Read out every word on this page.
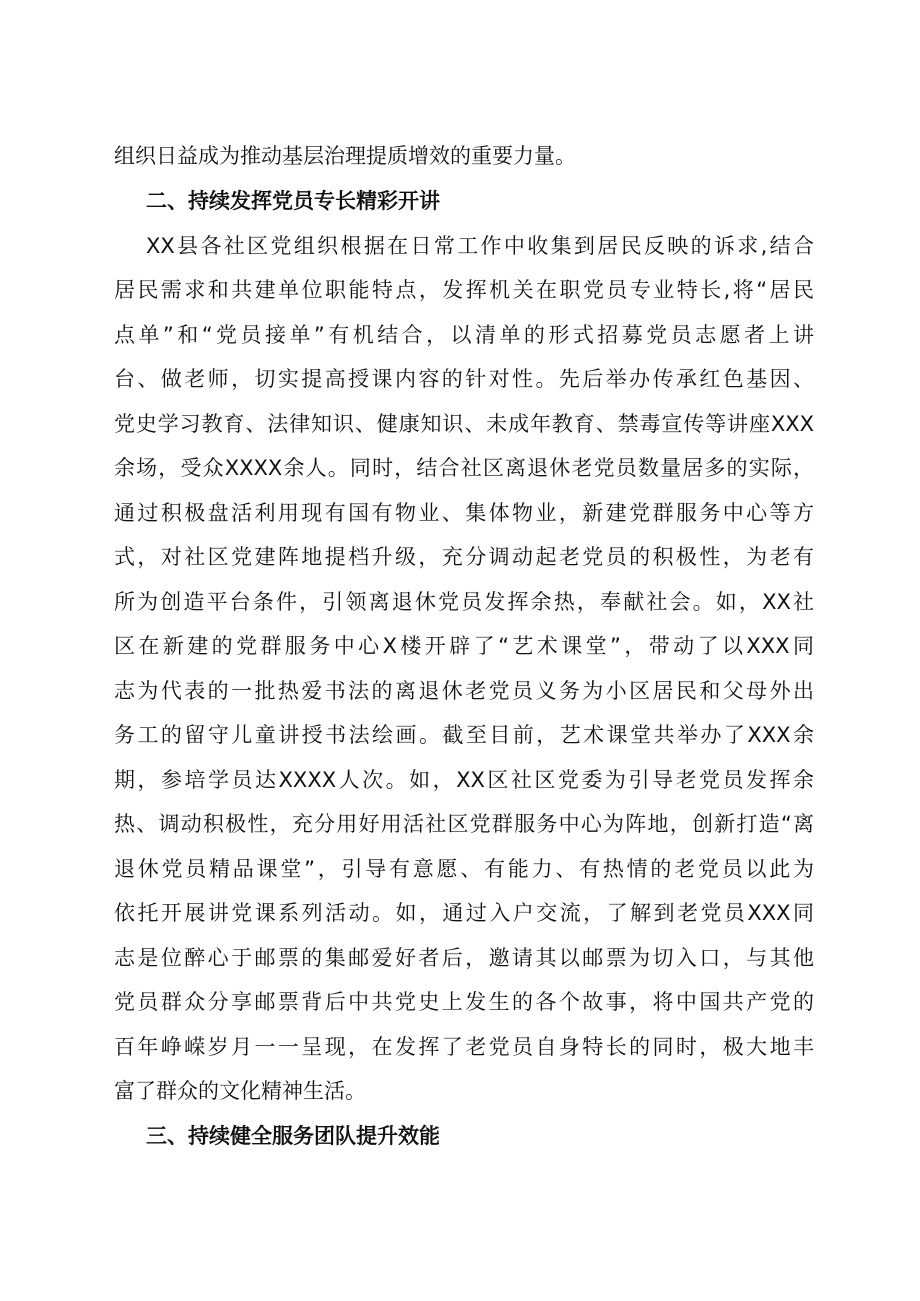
组织日益成为推动基层治理提质增效的重要力量。
二、持续发挥党员专长精彩开讲
XX县各社区党组织根据在日常工作中收集到居民反映的诉求,结合
居民需求和共建单位职能特点，发挥机关在职党员专业特长,将“居民
点单”和“党员接单”有机结合，以清单的形式招募党员志愿者上讲
台、做老师，切实提高授课内容的针对性。先后举办传承红色基因、
党史学习教育、法律知识、健康知识、未成年教育、禁毒宣传等讲座XXX
余场，受众XXXX余人。同时，结合社区离退休老党员数量居多的实际，
通过积极盘活利用现有国有物业、集体物业，新建党群服务中心等方
式，对社区党建阵地提档升级，充分调动起老党员的积极性，为老有
所为创造平台条件，引领离退休党员发挥余热，奉献社会。如，XX社
区在新建的党群服务中心X楼开辟了“艺术课堂”，带动了以XXX同
志为代表的一批热爱书法的离退休老党员义务为小区居民和父母外出
务工的留守儿童讲授书法绘画。截至目前，艺术课堂共举办了XXX余
期，参培学员达XXXX人次。如，XX区社区党委为引导老党员发挥余
热、调动积极性，充分用好用活社区党群服务中心为阵地，创新打造“离
退休党员精品课堂”，引导有意愿、有能力、有热情的老党员以此为
依托开展讲党课系列活动。如，通过入户交流，了解到老党员XXX同
志是位醉心于邮票的集邮爱好者后，邀请其以邮票为切入口，与其他
党员群众分享邮票背后中共党史上发生的各个故事，将中国共产党的
百年峥嵘岁月一一呈现，在发挥了老党员自身特长的同时，极大地丰
富了群众的文化精神生活。
三、持续健全服务团队提升效能
